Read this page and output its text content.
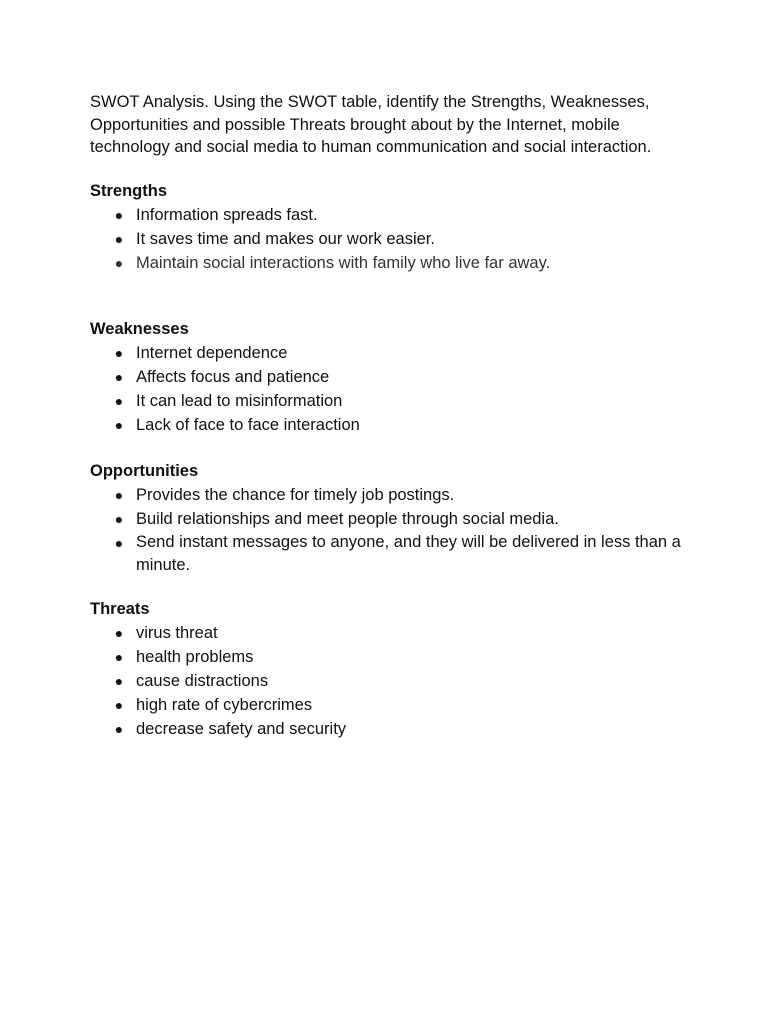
SWOT Analysis. Using the SWOT table, identify the Strengths, Weaknesses, Opportunities and possible Threats brought about by the Internet, mobile technology and social media to human communication and social interaction.

Strengths
● Information spreads fast.
● It saves time and makes our work easier.
● Maintain social interactions with family who live far away.
Weaknesses
● Internet dependence
● Affects focus and patience
● It can lead to misinformation
● Lack of face to face interaction
Opportunities
● Provides the chance for timely job postings.
● Build relationships and meet people through social media.
● Send instant messages to anyone, and they will be delivered in less than a minute.
Threats
● virus threat
● health problems
● cause distractions
● high rate of cybercrimes
● decrease safety and security
